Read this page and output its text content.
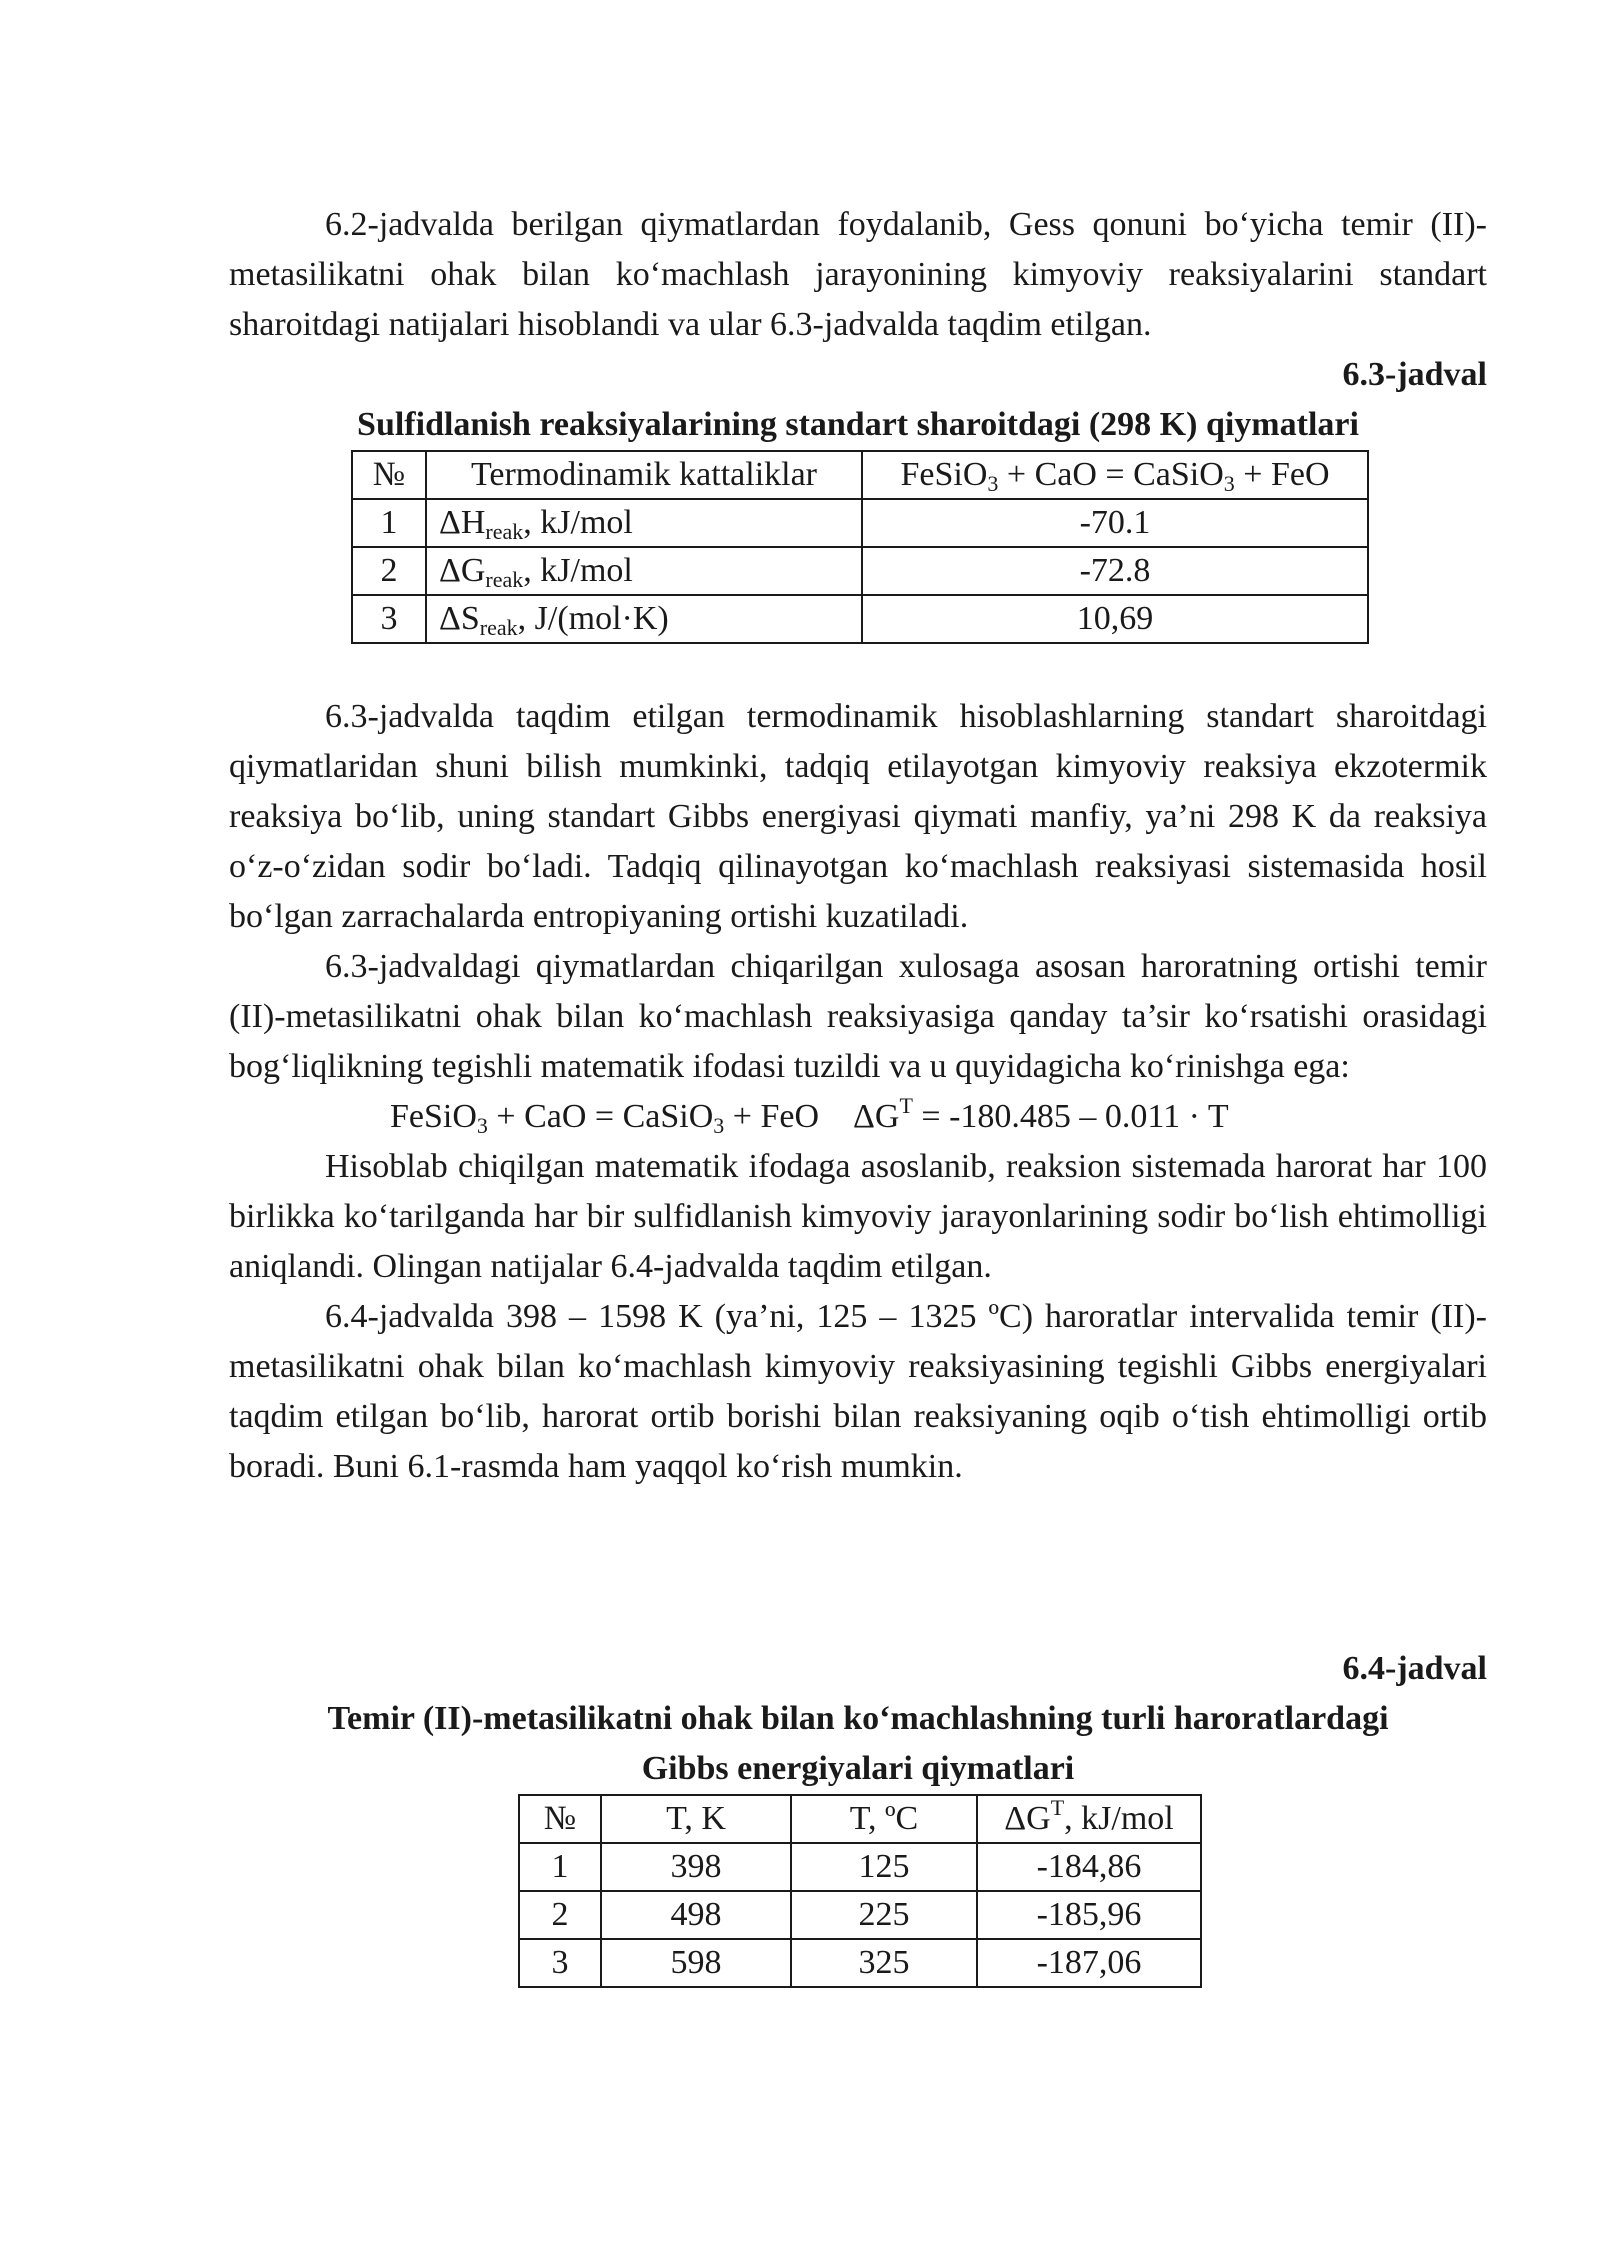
6.2-jadvalda berilgan qiymatlardan foydalanib, Gess qonuni bo‘yicha temir (II)-metasilikatni ohak bilan ko‘machlash jarayonining kimyoviy reaksiyalarini standart sharoitdagi natijalari hisoblandi va ular 6.3-jadvalda taqdim etilgan.

6.3-jadval

Sulfidlanish reaksiyalarining standart sharoitdagi (298 K) qiymatlari

№	Termodinamik kattaliklar	FeSiO$_3$ + CaO = CaSiO$_3$ + FeO
1	$\Delta H_{reak}$, kJ/mol	-70.1
2	$\Delta G_{reak}$, kJ/mol	-72.8
3	$\Delta S_{reak}$, J/(mol·K)	10,69

6.3-jadvalda taqdim etilgan termodinamik hisoblashlarning standart sharoitdagi qiymatlaridan shuni bilish mumkinki, tadqiq etilayotgan kimyoviy reaksiya ekzotermik reaksiya bo‘lib, uning standart Gibbs energiyasi qiymati manfiy, ya’ni 298 K da reaksiya o‘z-o‘zidan sodir bo‘ladi. Tadqiq qilinayotgan ko‘machlash reaksiyasi sistemasida hosil bo‘lgan zarrachalarda entropiyaning ortishi kuzatiladi.

6.3-jadvaldagi qiymatlardan chiqarilgan xulosaga asosan haroratning ortishi temir (II)-metasilikatni ohak bilan ko‘machlash reaksiyasiga qanday ta’sir ko‘rsatishi orasidagi bog‘liqlikning tegishli matematik ifodasi tuzildi va u quyidagicha ko‘rinishga ega:

FeSiO$_3$ + CaO = CaSiO$_3$ + FeO    $\Delta G^T = -180.485 - 0.011 \cdot T$

Hisoblab chiqilgan matematik ifodaga asoslanib, reaksion sistemada harorat har 100 birlikka ko‘tarilganda har bir sulfidlanish kimyoviy jarayonlarining sodir bo‘lish ehtimolligi aniqlandi. Olingan natijalar 6.4-jadvalda taqdim etilgan.

6.4-jadvalda 398 – 1598 K (ya’ni, 125 – 1325 ºC) haroratlar intervalida temir (II)-metasilikatni ohak bilan ko‘machlash kimyoviy reaksiyasining tegishli Gibbs energiyalari taqdim etilgan bo‘lib, harorat ortib borishi bilan reaksiyaning oqib o‘tish ehtimolligi ortib boradi. Buni 6.1-rasmda ham yaqqol ko‘rish mumkin.

6.4-jadval

Temir (II)-metasilikatni ohak bilan ko‘machlashning turli haroratlardagi

Gibbs energiyalari qiymatlari

№	T, K	T, ºC	$\Delta G^T$, kJ/mol
1	398	125	-184,86
2	498	225	-185,96
3	598	325	-187,06
